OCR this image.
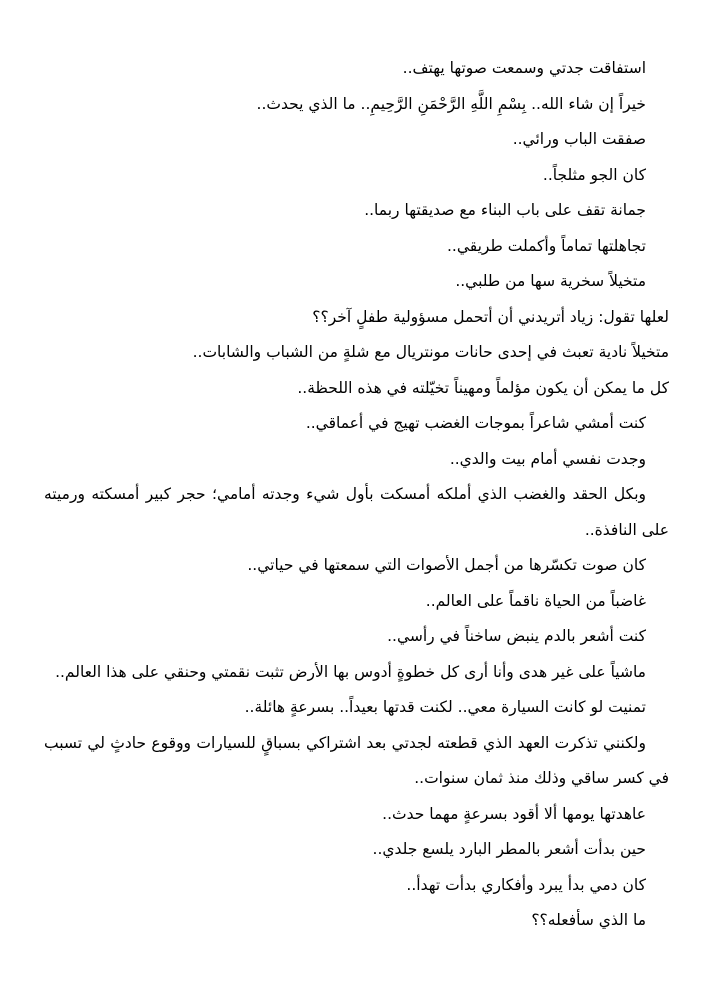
استفاقت جدتي وسمعت صوتها يهتف..

خيراً إن شاء الله.. بِسْمِ اللَّهِ الرَّحْمَنِ الرَّحِيمِ.. ما الذي يحدث..

صفقت الباب ورائي..

كان الجو مثلجاً..

جمانة تقف على باب البناء مع صديقتها ربما..

تجاهلتها تماماً وأكملت طريقي..

متخيلاً سخرية سها من طلبي..

لعلها تقول: زياد أتريدني أن أتحمل مسؤولية طفلٍ آخر؟؟

متخيلاً نادية تعبث في إحدى حانات مونتريال مع شلةٍ من الشباب والشابات..

كل ما يمكن أن يكون مؤلماً ومهيناً تخيّلته في هذه اللحظة..

كنت أمشي شاعراً بموجات الغضب تهيج في أعماقي..

وجدت نفسي أمام بيت والدي..

وبكل الحقد والغضب الذي أملكه أمسكت بأول شيء وجدته أمامي؛ حجر كبير أمسكته ورميته على النافذة..

كان صوت تكسّرها من أجمل الأصوات التي سمعتها في حياتي..

غاضباً من الحياة ناقماً على العالم..

كنت أشعر بالدم ينبض ساخناً في رأسي..

ماشياً على غير هدى وأنا أرى كل خطوةٍ أدوس بها الأرض تثبت نقمتي وحنقي على هذا العالم..

تمنيت لو كانت السيارة معي.. لكنت قدتها بعيداً.. بسرعةٍ هائلة..

ولكنني تذكرت العهد الذي قطعته لجدتي بعد اشتراكي بسباقٍ للسيارات ووقوع حادثٍ لي تسبب في كسر ساقي وذلك منذ ثمان سنوات..

عاهدتها يومها ألا أقود بسرعةٍ مهما حدث..

حين بدأت أشعر بالمطر البارد يلسع جلدي..

كان دمي بدأ يبرد وأفكاري بدأت تهدأ..

ما الذي سأفعله؟؟
